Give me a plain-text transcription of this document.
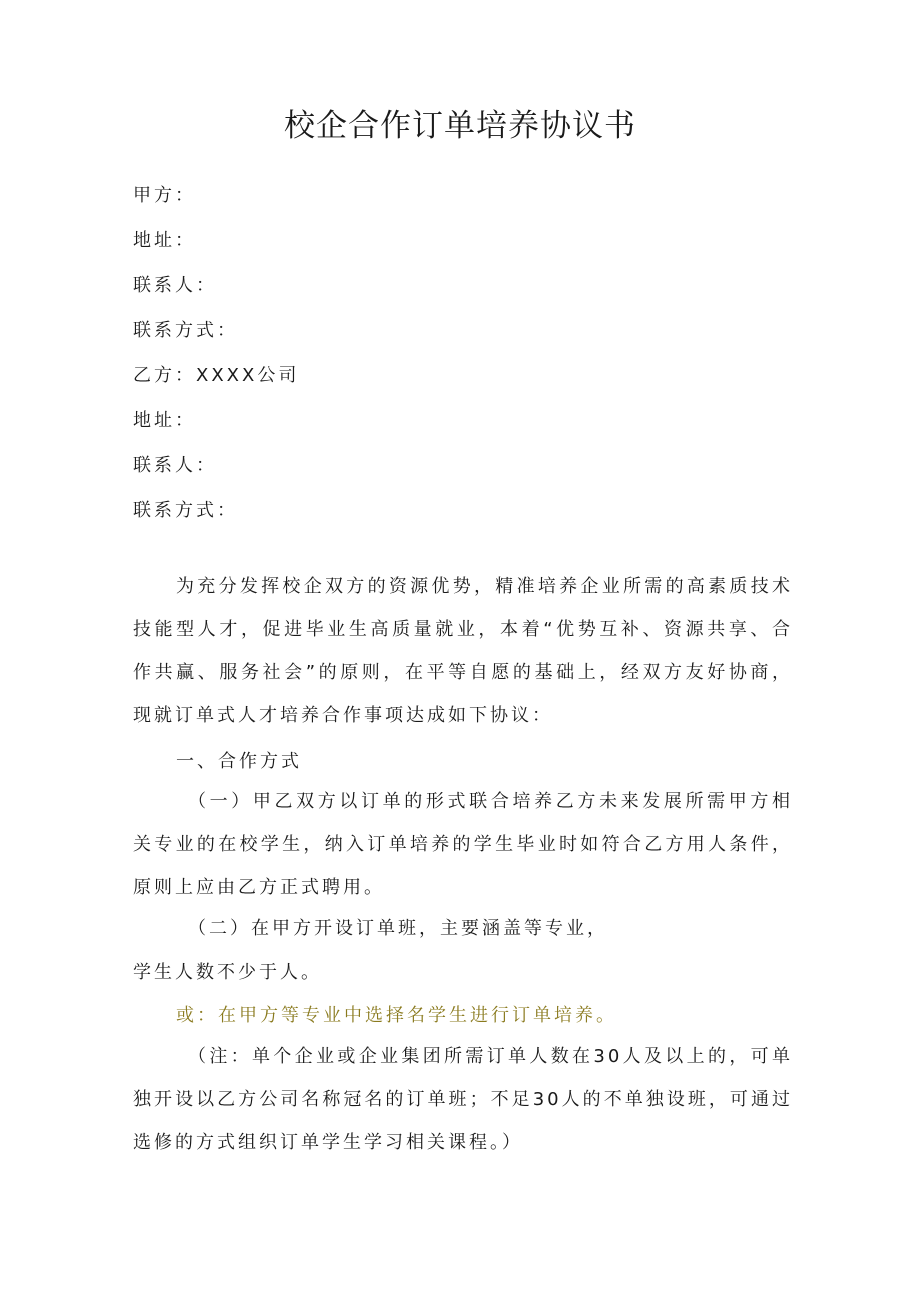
校企合作订单培养协议书
甲方：
地址：
联系人：
联系方式：
乙方：XXXX公司
地址：
联系人：
联系方式：
为充分发挥校企双方的资源优势，精准培养企业所需的高素质技术技能型人才，促进毕业生高质量就业，本着“优势互补、资源共享、合作共赢、服务社会”的原则，在平等自愿的基础上，经双方友好协商，现就订单式人才培养合作事项达成如下协议：
一、合作方式
（一）甲乙双方以订单的形式联合培养乙方未来发展所需甲方相关专业的在校学生，纳入订单培养的学生毕业时如符合乙方用人条件，原则上应由乙方正式聘用。
（二）在甲方开设订单班，主要涵盖等专业，
学生人数不少于人。
或：在甲方等专业中选择名学生进行订单培养。
（注：单个企业或企业集团所需订单人数在30人及以上的，可单独开设以乙方公司名称冠名的订单班；不足30人的不单独设班，可通过选修的方式组织订单学生学习相关课程。）
